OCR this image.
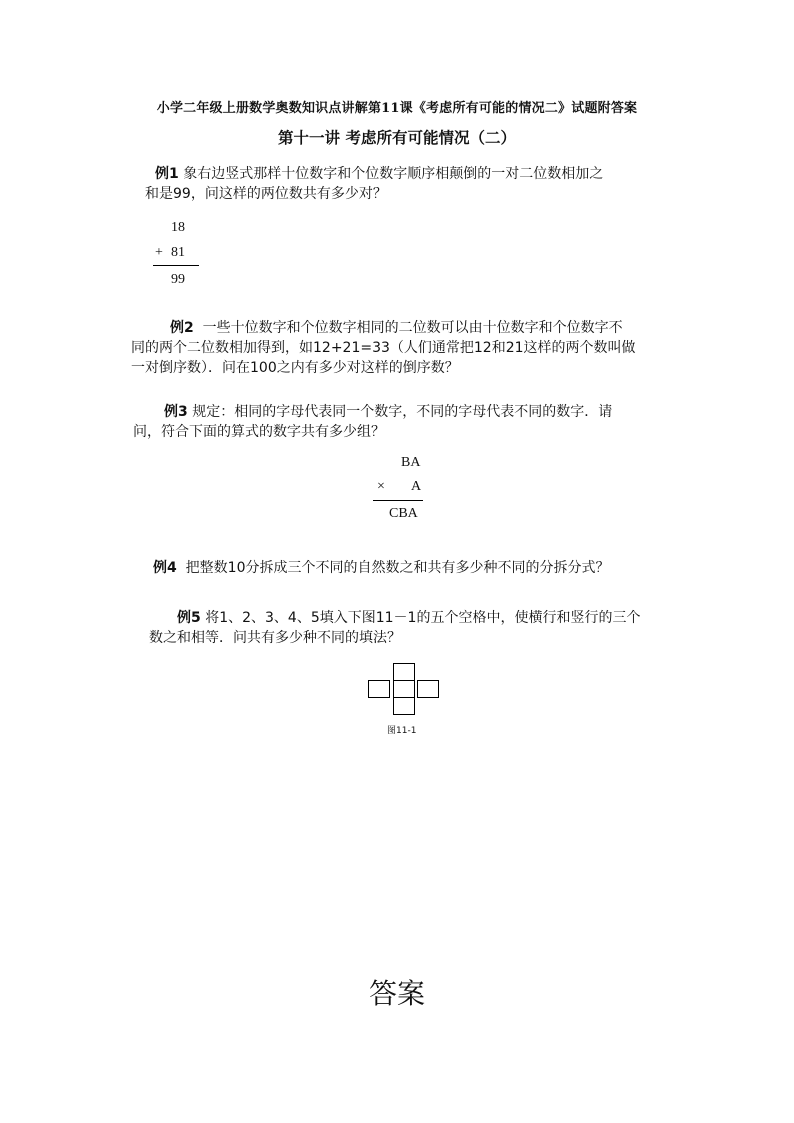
小学二年级上册数学奥数知识点讲解第11课《考虑所有可能的情况二》试题附答案
第十一讲 考虑所有可能情况（二）
例1 象右边竖式那样十位数字和个位数字顺序相颠倒的一对二位数相加之
和是99，问这样的两位数共有多少对？
18
+ 81
99
例2 一些十位数字和个位数字相同的二位数可以由十位数字和个位数字不
同的两个二位数相加得到，如12+21=33（人们通常把12和21这样的两个数叫做
一对倒序数）．问在100之内有多少对这样的倒序数？
例3 规定：相同的字母代表同一个数字，不同的字母代表不同的数字．请
问，符合下面的算式的数字共有多少组？
BA
× A
CBA
例4 把整数10分拆成三个不同的自然数之和共有多少种不同的分拆分式？
例5 将1、2、3、4、5填入下图11－1的五个空格中，使横行和竖行的三个
数之和相等．问共有多少种不同的填法？
图11-1
答案
